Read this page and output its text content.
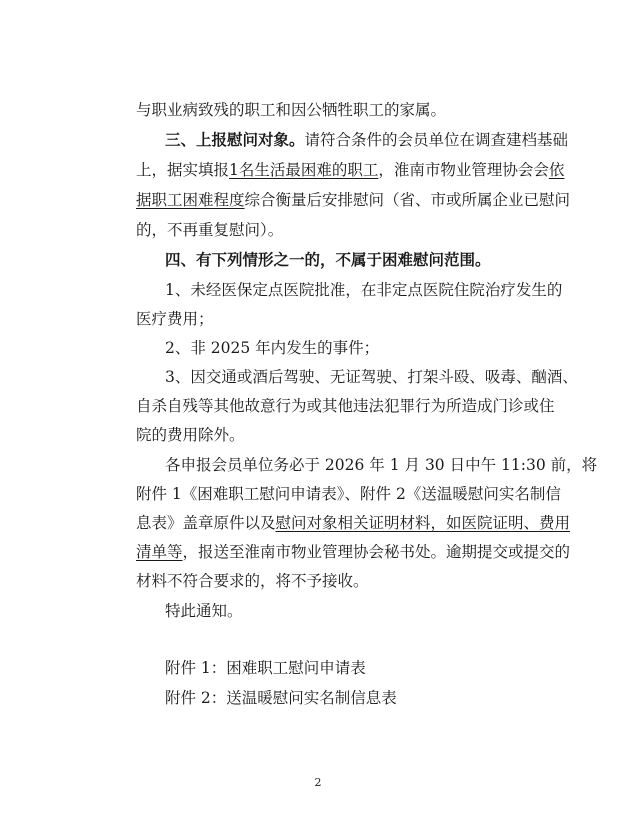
与职业病致残的职工和因公牺牲职工的家属。
三、上报慰问对象。请符合条件的会员单位在调查建档基础
上，据实填报1名生活最困难的职工，淮南市物业管理协会会依
据职工困难程度综合衡量后安排慰问（省、市或所属企业已慰问
的，不再重复慰问）。
四、有下列情形之一的，不属于困难慰问范围。
1、未经医保定点医院批准，在非定点医院住院治疗发生的
医疗费用；
2、非 2025 年内发生的事件；
3、因交通或酒后驾驶、无证驾驶、打架斗殴、吸毒、酗酒、
自杀自残等其他故意行为或其他违法犯罪行为所造成门诊或住
院的费用除外。
各申报会员单位务必于 2026 年 1 月 30 日中午 11:30 前，将
附件 1《困难职工慰问申请表》、附件 2《送温暖慰问实名制信
息表》盖章原件以及慰问对象相关证明材料，如医院证明、费用
清单等，报送至淮南市物业管理协会秘书处。逾期提交或提交的
材料不符合要求的，将不予接收。
特此通知。
附件 1：困难职工慰问申请表
附件 2：送温暖慰问实名制信息表
2
